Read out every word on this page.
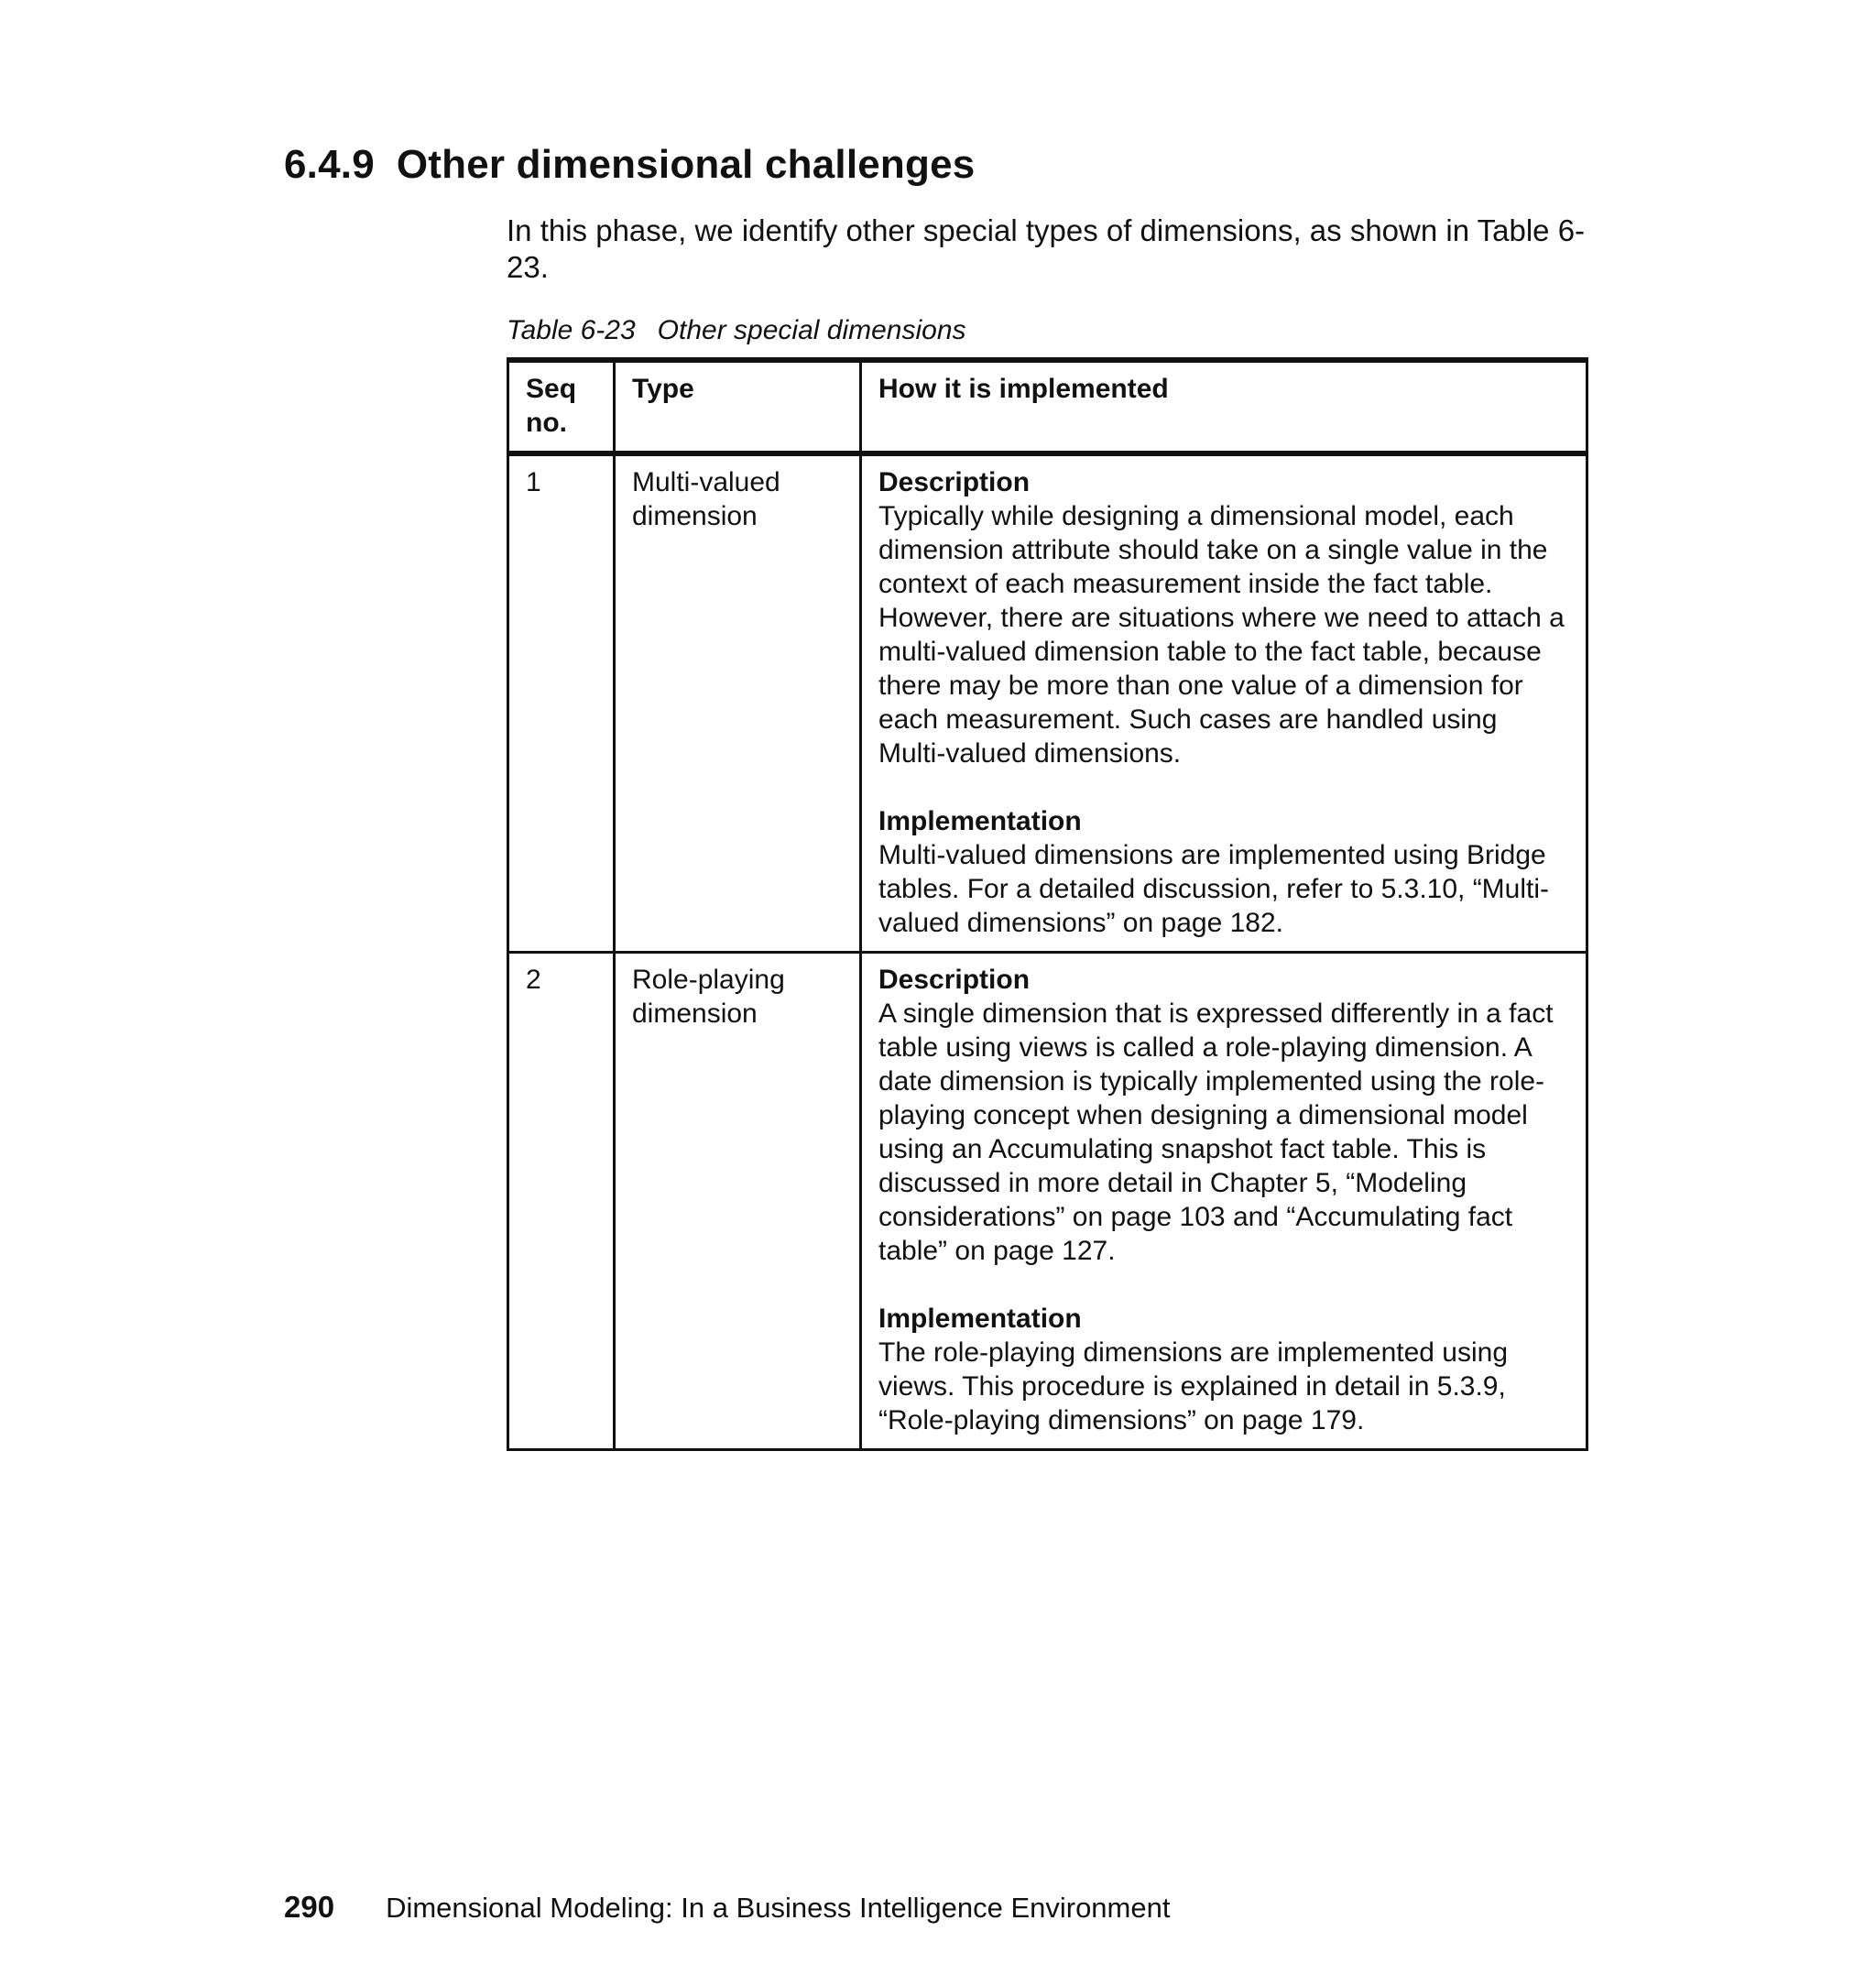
6.4.9 Other dimensional challenges

In this phase, we identify other special types of dimensions, as shown in Table 6-23.

Table 6-23 Other special dimensions

Seq no.	Type	How it is implemented
1	Multi-valued dimension	Description
Typically while designing a dimensional model, each dimension attribute should take on a single value in the context of each measurement inside the fact table. However, there are situations where we need to attach a multi-valued dimension table to the fact table, because there may be more than one value of a dimension for each measurement. Such cases are handled using Multi-valued dimensions.
Implementation
Multi-valued dimensions are implemented using Bridge tables. For a detailed discussion, refer to 5.3.10, “Multi-valued dimensions” on page 182.
2	Role-playing dimension	Description
A single dimension that is expressed differently in a fact table using views is called a role-playing dimension. A date dimension is typically implemented using the role-playing concept when designing a dimensional model using an Accumulating snapshot fact table. This is discussed in more detail in Chapter 5, “Modeling considerations” on page 103 and “Accumulating fact table” on page 127.
Implementation
The role-playing dimensions are implemented using views. This procedure is explained in detail in 5.3.9, “Role-playing dimensions” on page 179.

290 Dimensional Modeling: In a Business Intelligence Environment
